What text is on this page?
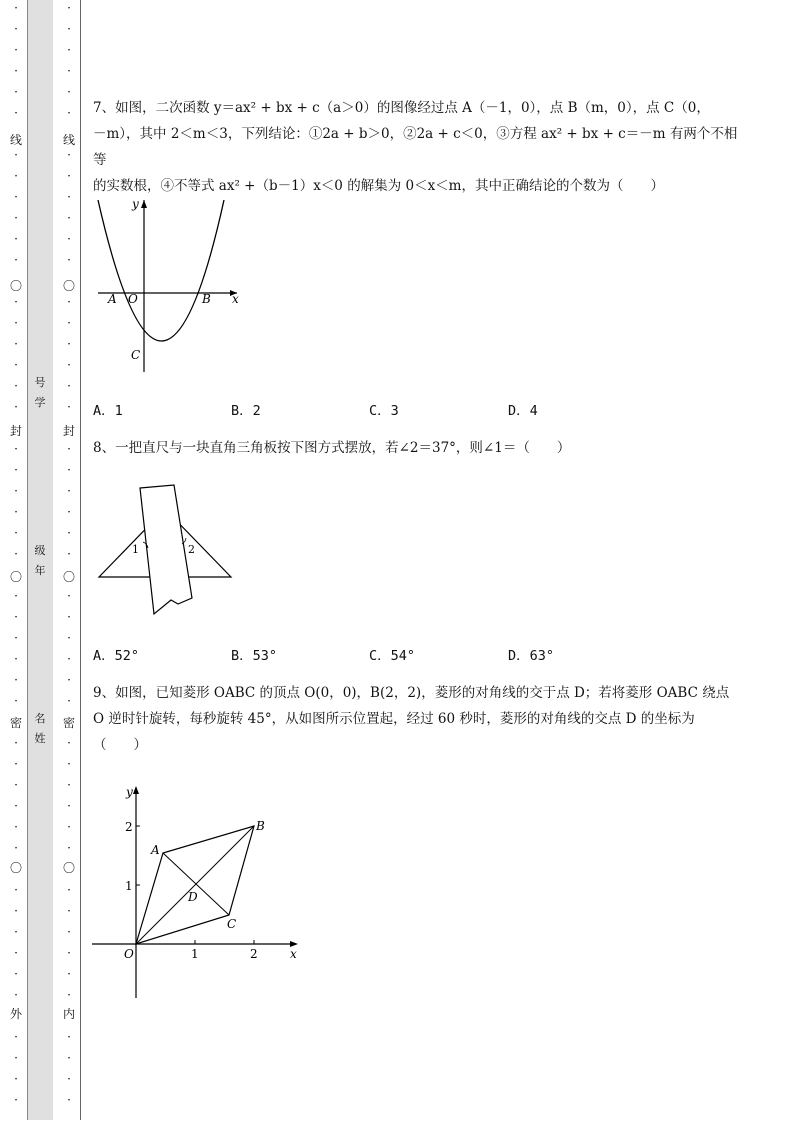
·
·
·
·
·
·
·
·
·
·
·
·
·
·
·
·
·
·
·
·
·
·
·
·
·
·
·
·
·
·
·
·
·
·
·
·
·
·
·
·
·
·
·
·
·
·
·
·
·
·
·
·
·
·
·
·
·
·
·
·
·
·
·
·
·
·
·
·
·
·
·
·
·
·
·
·
·
·
·
·
·
·
·
·
·
·
·
·
·
·
·
·
线
〇
封
〇
密
〇
外
线
〇
封
〇
密
〇
内
号
学
级
年
名
姓
7、如图，二次函数 y＝ax² + bx + c（a＞0）的图像经过点 A（－1，0），点 B（m，0），点 C（0，
－m），其中 2＜m＜3，下列结论：①2a + b＞0，②2a + c＜0，③方程 ax² + bx + c＝－m 有两个不相等
的实数根，④不等式 ax² +（b－1）x＜0 的解集为 0＜x＜m，其中正确结论的个数为（　　）
y
x
A O	B
C
A．1	B．2	C．3	D．4
8、一把直尺与一块直角三角板按下图方式摆放，若∠2＝37°，则∠1＝（　　）
1	2
A．52°	B．53°	C．54°	D．63°
9、如图，已知菱形 OABC 的顶点 O(0，0)，B(2，2)，菱形的对角线的交于点 D；若将菱形 OABC 绕点
O 逆时针旋转，每秒旋转 45°，从如图所示位置起，经过 60 秒时，菱形的对角线的交点 D 的坐标为
（　　）
y
x
O
A
B
C
D
1	2
1
2
